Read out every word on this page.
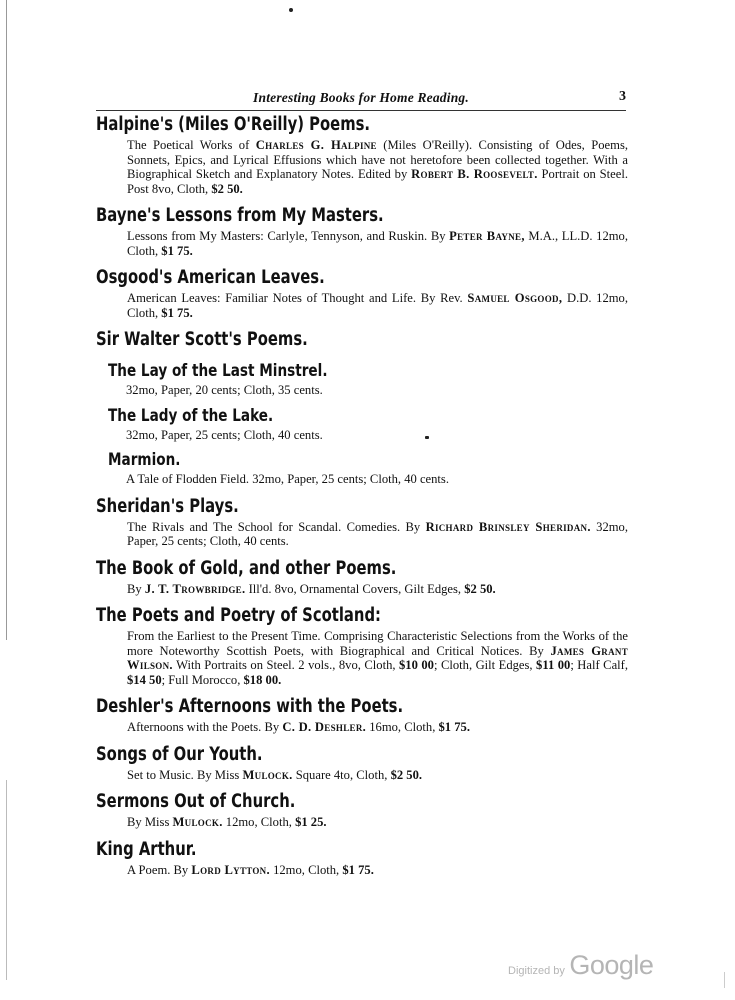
Interesting Books for Home Reading.	3
Halpine's (Miles O'Reilly) Poems.
The Poetical Works of Charles G. Halpine (Miles O'Reilly). Consisting of Odes, Poems, Sonnets, Epics, and Lyrical Effusions which have not heretofore been collected together. With a Biographical Sketch and Explanatory Notes. Edited by Robert B. Roosevelt. Portrait on Steel. Post 8vo, Cloth, $2 50.
Bayne's Lessons from My Masters.
Lessons from My Masters: Carlyle, Tennyson, and Ruskin. By Peter Bayne, M.A., LL.D. 12mo, Cloth, $1 75.
Osgood's American Leaves.
American Leaves: Familiar Notes of Thought and Life. By Rev. Samuel Osgood, D.D. 12mo, Cloth, $1 75.
Sir Walter Scott's Poems.
The Lay of the Last Minstrel.
32mo, Paper, 20 cents; Cloth, 35 cents.
The Lady of the Lake.
32mo, Paper, 25 cents; Cloth, 40 cents.
Marmion.
A Tale of Flodden Field. 32mo, Paper, 25 cents; Cloth, 40 cents.
Sheridan's Plays.
The Rivals and The School for Scandal. Comedies. By Richard Brinsley Sheridan. 32mo, Paper, 25 cents; Cloth, 40 cents.
The Book of Gold, and other Poems.
By J. T. Trowbridge. Ill'd. 8vo, Ornamental Covers, Gilt Edges, $2 50.
The Poets and Poetry of Scotland:
From the Earliest to the Present Time. Comprising Characteristic Selections from the Works of the more Noteworthy Scottish Poets, with Biographical and Critical Notices. By James Grant Wilson. With Portraits on Steel. 2 vols., 8vo, Cloth, $10 00; Cloth, Gilt Edges, $11 00; Half Calf, $14 50; Full Morocco, $18 00.
Deshler's Afternoons with the Poets.
Afternoons with the Poets. By C. D. Deshler. 16mo, Cloth, $1 75.
Songs of Our Youth.
Set to Music. By Miss Mulock. Square 4to, Cloth, $2 50.
Sermons Out of Church.
By Miss Mulock. 12mo, Cloth, $1 25.
King Arthur.
A Poem. By Lord Lytton. 12mo, Cloth, $1 75.
Digitized by Google
